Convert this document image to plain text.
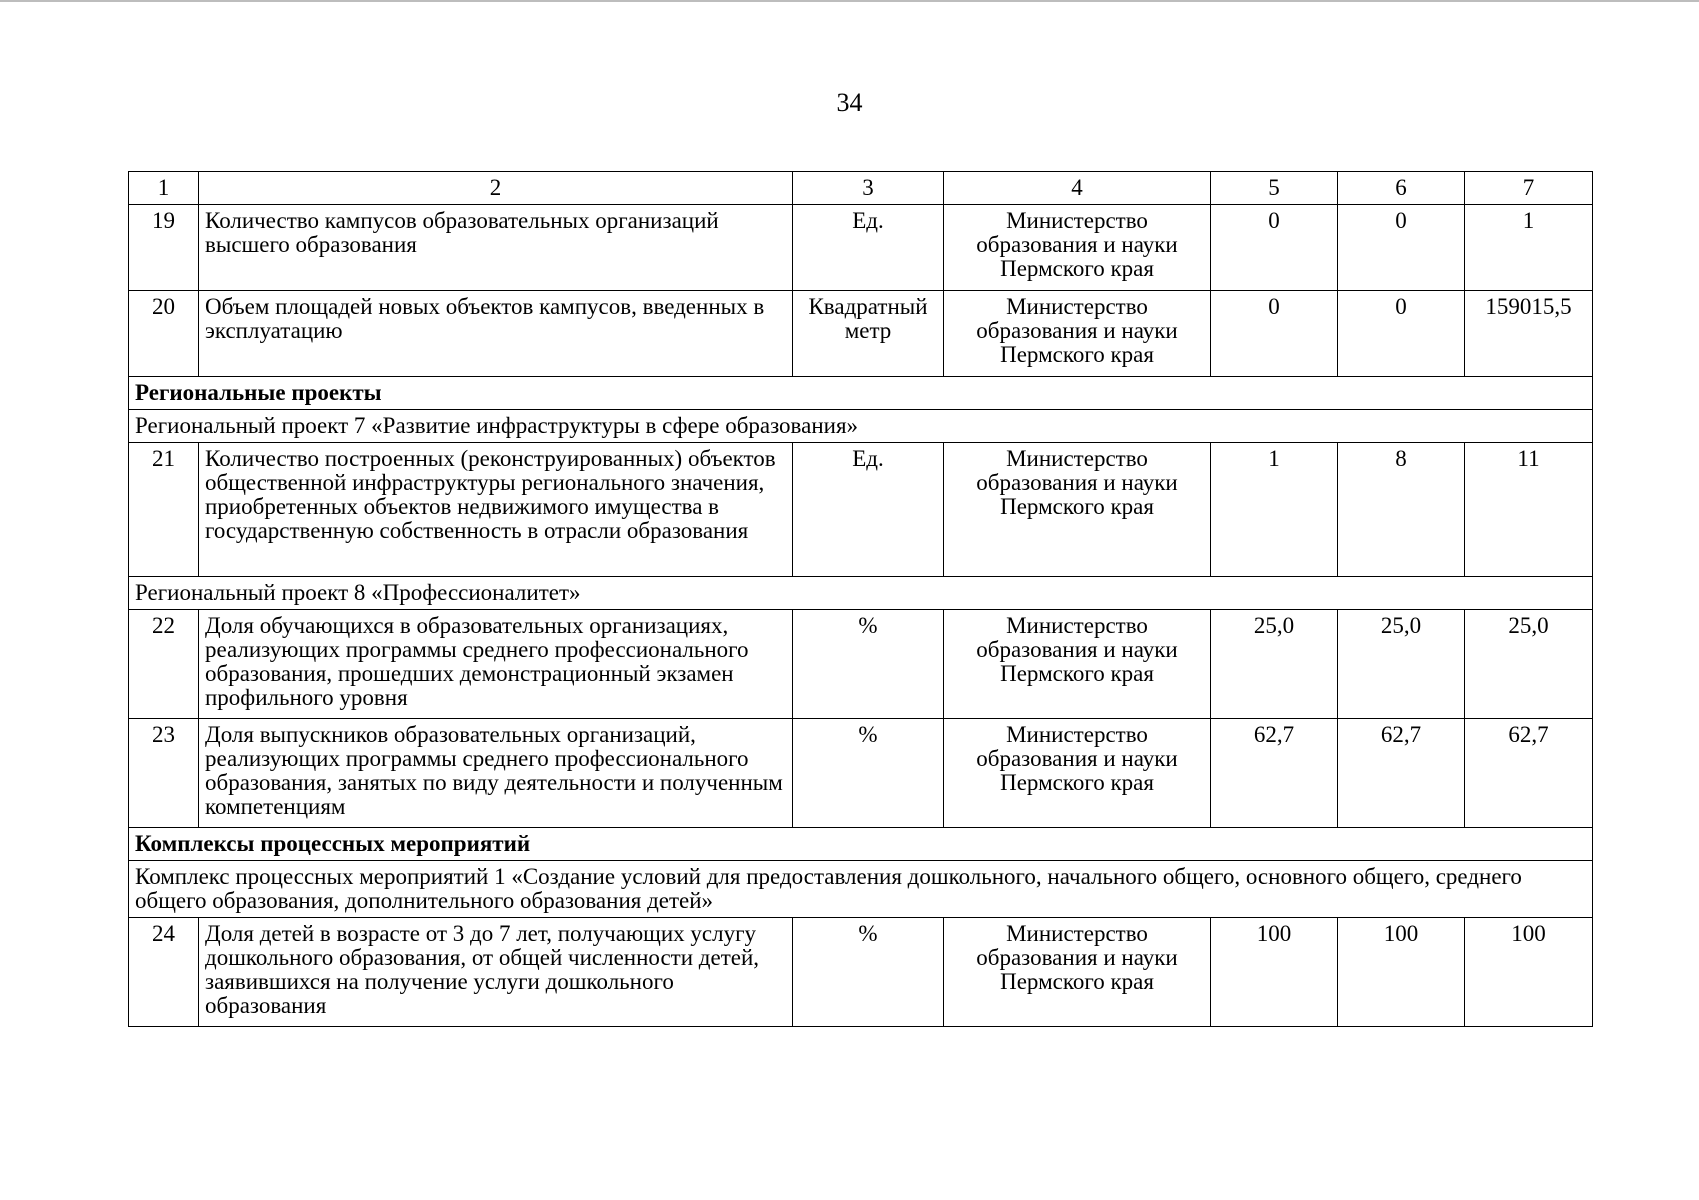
34
1	2	3	4	5	6	7
19	Количество кампусов образовательных организаций высшего образования	Ед.	Министерство образования и науки Пермского края	0	0	1
20	Объем площадей новых объектов кампусов, введенных в эксплуатацию	Квадратный метр	Министерство образования и науки Пермского края	0	0	159015,5
Региональные проекты						
Региональный проект 7 «Развитие инфраструктуры в сфере образования»						
21	Количество построенных (реконструированных) объектов общественной инфраструктуры регионального значения, приобретенных объектов недвижимого имущества в государственную собственность в отрасли образования	Ед.	Министерство образования и науки Пермского края	1	8	11
Региональный проект 8 «Профессионалитет»						
22	Доля обучающихся в образовательных организациях, реализующих программы среднего профессионального образования, прошедших демонстрационный экзамен профильного уровня	%	Министерство образования и науки Пермского края	25,0	25,0	25,0
23	Доля выпускников образовательных организаций, реализующих программы среднего профессионального образования, занятых по виду деятельности и полученным компетенциям	%	Министерство образования и науки Пермского края	62,7	62,7	62,7
Комплексы процессных мероприятий						
Комплекс процессных мероприятий 1 «Создание условий для предоставления дошкольного, начального общего, основного общего, среднего общего образования, дополнительного образования детей»						
24	Доля детей в возрасте от 3 до 7 лет, получающих услугу дошкольного образования, от общей численности детей, заявившихся на получение услуги дошкольного образования	%	Министерство образования и науки Пермского края	100	100	100
